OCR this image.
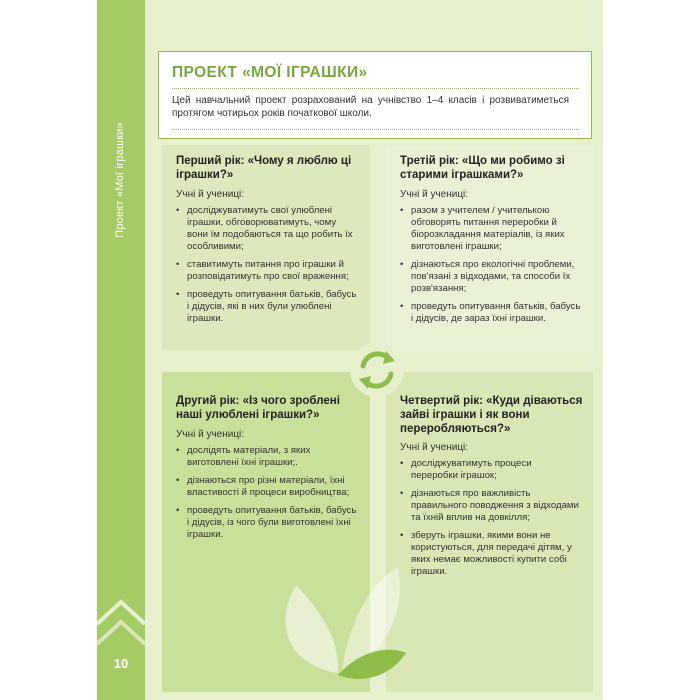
Проект «Мої іграшки»
10
ПРОЕКТ «МОЇ ІГРАШКИ»
Цей навчальний проект розрахований на учнівство 1–4 класів і розвиватиметься протягом чотирьох років початкової школи.
Перший рік: «Чому я люблю ці іграшки?»
Учні й учениці:
• досліджуватимуть свої улюблені іграшки, обговорюватимуть, чому вони їм подобаються та що робить їх особливими;
• ставитимуть питання про іграшки й розповідатимуть про свої враження;
• проведуть опитування батьків, бабусь і дідусів, які в них були улюблені іграшки.
Третій рік: «Що ми робимо зі старими іграшками?»
Учні й учениці:
• разом з учителем / учителькою обговорять питання переробки й біорозкладання матеріалів, із яких виготовлені іграшки;
• дізнаються про екологічні проблеми, пов'язані з відходами, та способи їх розв'язання;
• проведуть опитування батьків, бабусь і дідусів, де зараз їхні іграшки.
Другий рік: «Із чого зроблені наші улюблені іграшки?»
Учні й учениці:
• дослідять матеріали, з яких виготовлені їхні іграшки;.
• дізнаються про різні матеріали, їхні властивості й процеси виробництва;
• проведуть опитування батьків, бабусь і дідусів, із чого були виготовлені їхні іграшки.
Четвертий рік: «Куди діваються зайві іграшки і як вони переробляються?»
Учні й учениці:
• досліджуватимуть процеси переробки іграшок;
• дізнаються про важливість правильного поводження з відходами та їхній вплив на довкілля;
• зберуть іграшки, якими вони не користуються, для передачі дітям, у яких немає можливості купити собі іграшки.
